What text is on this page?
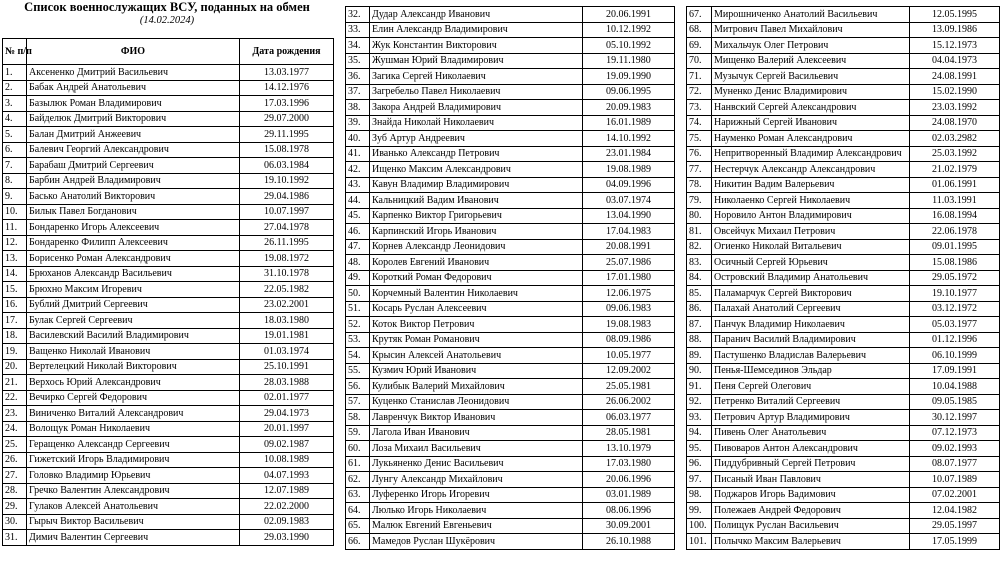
Список военнослужащих ВСУ, поданных на обмен
(14.02.2024)
№ п/п	ФИО	Дата рождения
1.	Аксененко Дмитрий Васильевич	13.03.1977
2.	Бабак Андрей Анатольевич	14.12.1976
3.	Базылюк Роман Владимирович	17.03.1996
4.	Байделюк Дмитрий Викторович	29.07.2000
5.	Балан Дмитрий Анжеевич	29.11.1995
6.	Балевич Георгий Александрович	15.08.1978
7.	Барабаш Дмитрий Сергеевич	06.03.1984
8.	Барбин Андрей Владимирович	19.10.1992
9.	Басько Анатолий Викторович	29.04.1986
10.	Билык Павел Богданович	10.07.1997
11.	Бондаренко Игорь Алексеевич	27.04.1978
12.	Бондаренко Филипп Алексеевич	26.11.1995
13.	Борисенко Роман Александрович	19.08.1972
14.	Брюханов Александр Васильевич	31.10.1978
15.	Брюхно Максим Игоревич	22.05.1982
16.	Бублий Дмитрий Сергеевич	23.02.2001
17.	Булак Сергей Сергеевич	18.03.1980
18.	Василевский Василий Владимирович	19.01.1981
19.	Ващенко Николай Иванович	01.03.1974
20.	Вертелецкий Николай Викторович	25.10.1991
21.	Верхось Юрий Александрович	28.03.1988
22.	Вечирко Сергей Федорович	02.01.1977
23.	Виниченко Виталий Александрович	29.04.1973
24.	Волощук Роман Николаевич	20.01.1997
25.	Геращенко Александр Сергеевич	09.02.1987
26.	Гижетский Игорь Владимирович	10.08.1989
27.	Головко Владимир Юрьевич	04.07.1993
28.	Гречко Валентин Александрович	12.07.1989
29.	Гулаков Алексей Анатольевич	22.02.2000
30.	Гырыч Виктор Васильевич	02.09.1983
31.	Димич Валентин Сергеевич	29.03.1990
32.	Дудар Александр Иванович	20.06.1991
33.	Елин Александр Владимирович	10.12.1992
34.	Жук Константин Викторович	05.10.1992
35.	Жушман Юрий Владимирович	19.11.1980
36.	Загика Сергей Николаевич	19.09.1990
37.	Загребельо Павел Николаевич	09.06.1995
38.	Закора Андрей Владимирович	20.09.1983
39.	Знайда Николай Николаевич	16.01.1989
40.	Зуб Артур Андреевич	14.10.1992
41.	Иванько Александр Петрович	23.01.1984
42.	Ищенко Максим Александрович	19.08.1989
43.	Кавун Владимир Владимирович	04.09.1996
44.	Кальницкий Вадим Иванович	03.07.1974
45.	Карпенко Виктор Григорьевич	13.04.1990
46.	Карпинский Игорь Иванович	17.04.1983
47.	Корнев Александр Леонидович	20.08.1991
48.	Королев Евгений Иванович	25.07.1986
49.	Короткий Роман Федорович	17.01.1980
50.	Корчемный Валентин Николаевич	12.06.1975
51.	Косарь Руслан Алексеевич	09.06.1983
52.	Коток Виктор Петрович	19.08.1983
53.	Крутяк Роман Романович	08.09.1986
54.	Крысин Алексей Анатольевич	10.05.1977
55.	Кузмич Юрий Иванович	12.09.2002
56.	Кулибык Валерий Михайлович	25.05.1981
57.	Куценко Станислав Леонидович	26.06.2002
58.	Лавренчук Виктор Иванович	06.03.1977
59.	Лагола Иван Иванович	28.05.1981
60.	Лоза Михаил Васильевич	13.10.1979
61.	Лукьяненко Денис Васильевич	17.03.1980
62.	Лунгу Александр Михайлович	20.06.1996
63.	Луференко Игорь Игоревич	03.01.1989
64.	Люлько Игорь Николаевич	08.06.1996
65.	Малюк Евгений Евгеньевич	30.09.2001
66.	Мамедов Руслан Шукёрович	26.10.1988
67.	Мирошниченко Анатолий Васильевич	12.05.1995
68.	Митрович Павел Михайлович	13.09.1986
69.	Михальчук Олег Петрович	15.12.1973
70.	Мищенко Валерий Алексеевич	04.04.1973
71.	Музычук Сергей Васильевич	24.08.1991
72.	Муненко Денис Владимирович	15.02.1990
73.	Нанвский Сергей Александрович	23.03.1992
74.	Нарижный Сергей Иванович	24.08.1970
75.	Науменко Роман Александрович	02.03.2982
76.	Непритворенный Владимир Александрович	25.03.1992
77.	Нестерчук Александр Александрович	21.02.1979
78.	Никитин Вадим Валерьевич	01.06.1991
79.	Николаенко Сергей Николаевич	11.03.1991
80.	Норовило Антон Владимирович	16.08.1994
81.	Овсейчук Михаил Петрович	22.06.1978
82.	Огиенко Николай Витальевич	09.01.1995
83.	Осичный Сергей Юрьевич	15.08.1986
84.	Островский Владимир Анатольевич	29.05.1972
85.	Паламарчук Сергей Викторович	19.10.1977
86.	Палахай Анатолий Сергеевич	03.12.1972
87.	Панчук Владимир Николаевич	05.03.1977
88.	Паранич Василий Владимирович	01.12.1996
89.	Пастушенко Владислав Валерьевич	06.10.1999
90.	Пенья-Шемседин​ов Эльдар	17.09.1991
91.	Пеня Сергей Олегович	10.04.1988
92.	Петренко Виталий Сергеевич	09.05.1985
93.	Петрович Артур Владимирович	30.12.1997
94.	Пивень Олег Анатольевич	07.12.1973
95.	Пивоваров Антон Александрович	09.02.1993
96.	Пиддубривный Сергей Петрович	08.07.1977
97.	Писаный Иван Павлович	10.07.1989
98.	Поджаров Игорь Вадимович	07.02.2001
99.	Полежаев Андрей Федорович	12.04.1982
100.	Полищук Руслан Васильевич	29.05.1997
101.	Полычко Максим Валерьевич	17.05.1999
